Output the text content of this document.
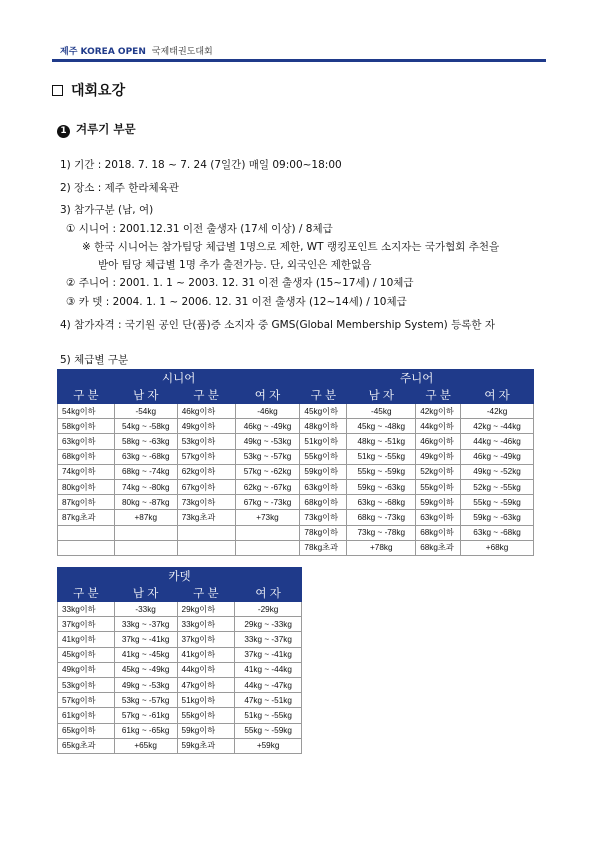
제주 KOREA OPEN 국제태권도대회
대회요강
1 겨루기 부문
1) 기간 : 2018. 7. 18 ~ 7. 24 (7일간) 매일 09:00~18:00
2) 장소 : 제주 한라체육관
3) 참가구분 (남, 여)
① 시니어 : 2001.12.31 이전 출생자 (17세 이상) / 8체급
※ 한국 시니어는 참가팀당 체급별 1명으로 제한, WT 랭킹포인트 소지자는 국가협회 추천을
받아 팀당 체급별 1명 추가 출전가능. 단, 외국인은 제한없음
② 주니어 : 2001. 1. 1 ~ 2003. 12. 31 이전 출생자 (15~17세) / 10체급
③ 카 뎃 : 2004. 1. 1 ~ 2006. 12. 31 이전 출생자 (12~14세) / 10체급
4) 참가자격 : 국기원 공인 단(품)증 소지자 중 GMS(Global Membership System) 등록한 자
5) 체급별 구분
시니어				주니어			
구 분	남 자	구 분	여 자	구 분	남 자	구 분	여 자
54kg이하	-54kg	46kg이하	-46kg	45kg이하	-45kg	42kg이하	-42kg
58kg이하	54kg ~ -58kg	49kg이하	46kg ~ -49kg	48kg이하	45kg ~ -48kg	44kg이하	42kg ~ -44kg
63kg이하	58kg ~ -63kg	53kg이하	49kg ~ -53kg	51kg이하	48kg ~ -51kg	46kg이하	44kg ~ -46kg
68kg이하	63kg ~ -68kg	57kg이하	53kg ~ -57kg	55kg이하	51kg ~ -55kg	49kg이하	46kg ~ -49kg
74kg이하	68kg ~ -74kg	62kg이하	57kg ~ -62kg	59kg이하	55kg ~ -59kg	52kg이하	49kg ~ -52kg
80kg이하	74kg ~ -80kg	67kg이하	62kg ~ -67kg	63kg이하	59kg ~ -63kg	55kg이하	52kg ~ -55kg
87kg이하	80kg ~ -87kg	73kg이하	67kg ~ -73kg	68kg이하	63kg ~ -68kg	59kg이하	55kg ~ -59kg
87kg초과	+87kg	73kg초과	+73kg	73kg이하	68kg ~ -73kg	63kg이하	59kg ~ -63kg
				78kg이하	73kg ~ -78kg	68kg이하	63kg ~ -68kg
				78kg초과	+78kg	68kg초과	+68kg
카뎃			
구 분	남 자	구 분	여 자
33kg이하	-33kg	29kg이하	-29kg
37kg이하	33kg ~ -37kg	33kg이하	29kg ~ -33kg
41kg이하	37kg ~ -41kg	37kg이하	33kg ~ -37kg
45kg이하	41kg ~ -45kg	41kg이하	37kg ~ -41kg
49kg이하	45kg ~ -49kg	44kg이하	41kg ~ -44kg
53kg이하	49kg ~ -53kg	47kg이하	44kg ~ -47kg
57kg이하	53kg ~ -57kg	51kg이하	47kg ~ -51kg
61kg이하	57kg ~ -61kg	55kg이하	51kg ~ -55kg
65kg이하	61kg ~ -65kg	59kg이하	55kg ~ -59kg
65kg초과	+65kg	59kg초과	+59kg
